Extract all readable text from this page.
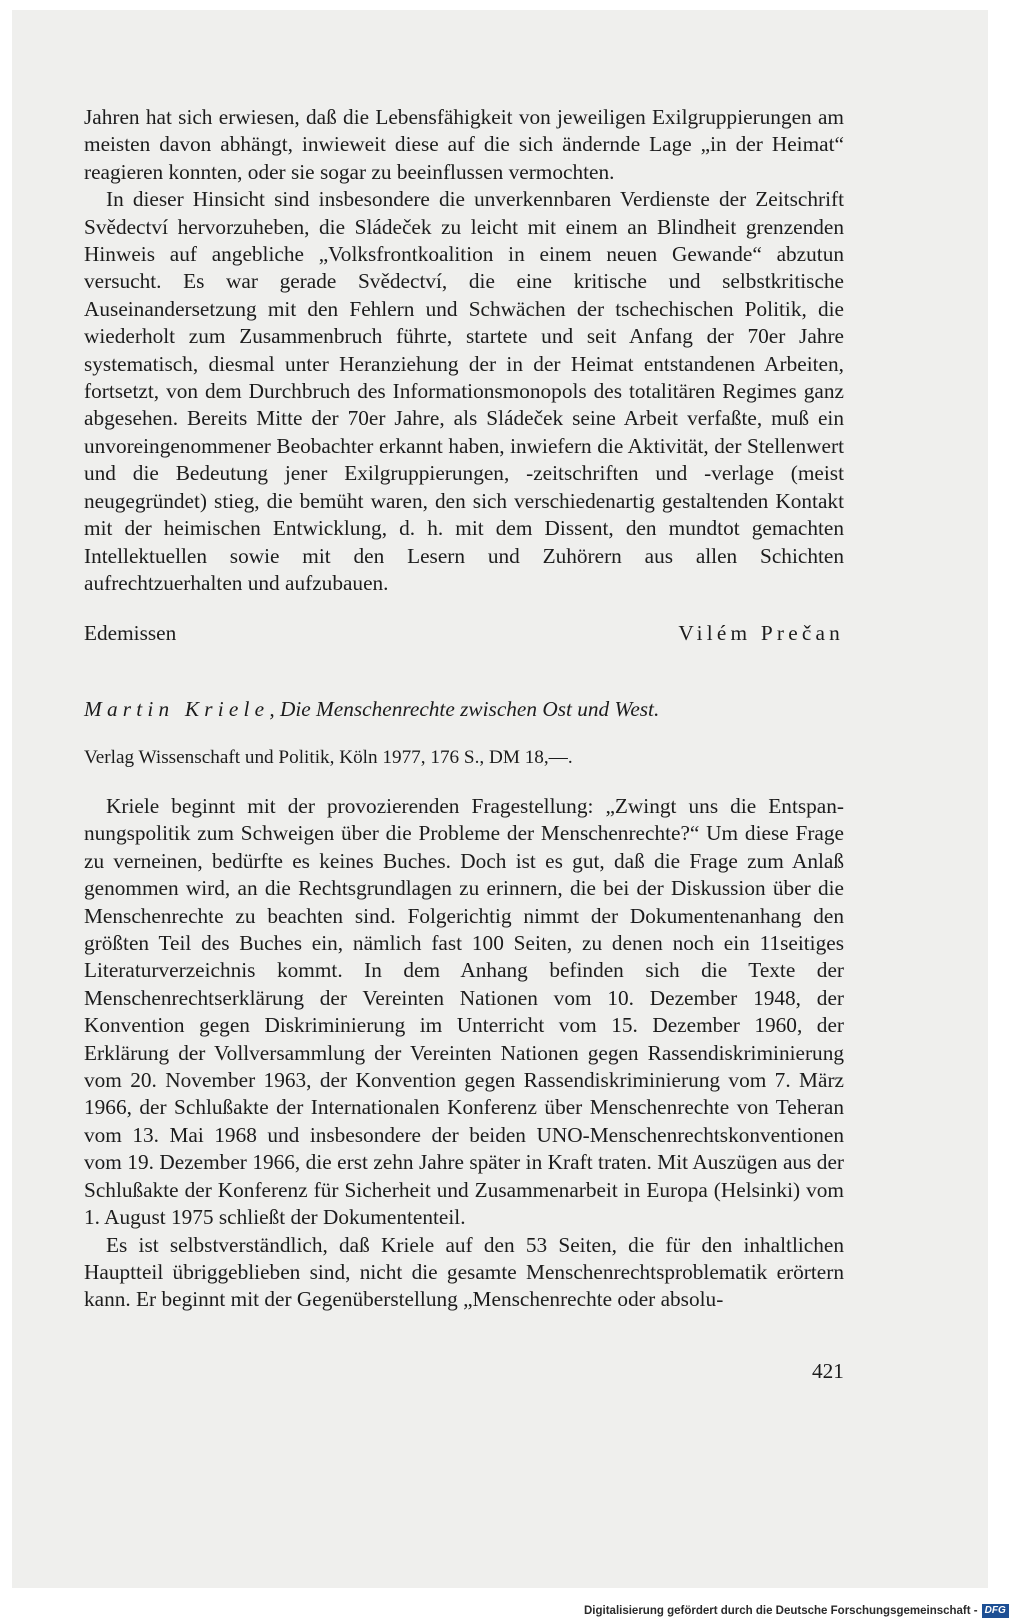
Jahren hat sich erwiesen, daß die Lebensfähigkeit von jeweiligen Exilgruppierungen am meisten davon abhängt, inwieweit diese auf die sich ändernde Lage „in der Heimat“ reagieren konnten, oder sie sogar zu beeinflussen vermochten.

In dieser Hinsicht sind insbesondere die unverkennbaren Verdienste der Zeitschrift Svědectví hervorzuheben, die Sládeček zu leicht mit einem an Blindheit grenzenden Hinweis auf angebliche „Volksfrontkoalition in einem neuen Gewande“ abzutun versucht. Es war gerade Svědectví, die eine kritische und selbstkritische Auseinandersetzung mit den Fehlern und Schwächen der tschechischen Politik, die wiederholt zum Zusammenbruch führte, startete und seit Anfang der 70er Jahre systematisch, diesmal unter Heranziehung der in der Heimat entstandenen Arbeiten, fortsetzt, von dem Durchbruch des Informationsmonopols des totalitären Regimes ganz abgesehen. Bereits Mitte der 70er Jahre, als Sládeček seine Arbeit verfaßte, muß ein unvoreingenommener Beobachter erkannt haben, inwiefern die Aktivität, der Stellenwert und die Bedeutung jener Exilgruppierungen, -zeitschriften und -verlage (meist neugegründet) stieg, die bemüht waren, den sich verschiedenartig gestaltenden Kontakt mit der heimischen Entwicklung, d. h. mit dem Dissent, den mundtot gemachten Intellektuellen sowie mit den Lesern und Zuhörern aus allen Schichten aufrechtzuerhalten und aufzubauen.

Edemissen	Vilém Prečan
Martin Kriele, Die Menschenrechte zwischen Ost und West.
Verlag Wissenschaft und Politik, Köln 1977, 176 S., DM 18,—.

Kriele beginnt mit der provozierenden Fragestellung: „Zwingt uns die Entspannungspolitik zum Schweigen über die Probleme der Menschenrechte?“ Um diese Frage zu verneinen, bedürfte es keines Buches. Doch ist es gut, daß die Frage zum Anlaß genommen wird, an die Rechtsgrundlagen zu erinnern, die bei der Diskussion über die Menschenrechte zu beachten sind. Folgerichtig nimmt der Dokumentenanhang den größten Teil des Buches ein, nämlich fast 100 Seiten, zu denen noch ein 11seitiges Literaturverzeichnis kommt. In dem Anhang befinden sich die Texte der Menschenrechtserklärung der Vereinten Nationen vom 10. Dezember 1948, der Konvention gegen Diskriminierung im Unterricht vom 15. Dezember 1960, der Erklärung der Vollversammlung der Vereinten Nationen gegen Rassendiskriminierung vom 20. November 1963, der Konvention gegen Rassendiskriminierung vom 7. März 1966, der Schlußakte der Internationalen Konferenz über Menschenrechte von Teheran vom 13. Mai 1968 und insbesondere der beiden UNO-Menschenrechtskonventionen vom 19. Dezember 1966, die erst zehn Jahre später in Kraft traten. Mit Auszügen aus der Schlußakte der Konferenz für Sicherheit und Zusammenarbeit in Europa (Helsinki) vom 1. August 1975 schließt der Dokumententeil.

Es ist selbstverständlich, daß Kriele auf den 53 Seiten, die für den inhaltlichen Hauptteil übriggeblieben sind, nicht die gesamte Menschenrechtsproblematik erörtern kann. Er beginnt mit der Gegenüberstellung „Menschenrechte oder absolu-

421
Digitalisierung gefördert durch die Deutsche Forschungsgemeinschaft - DFG
